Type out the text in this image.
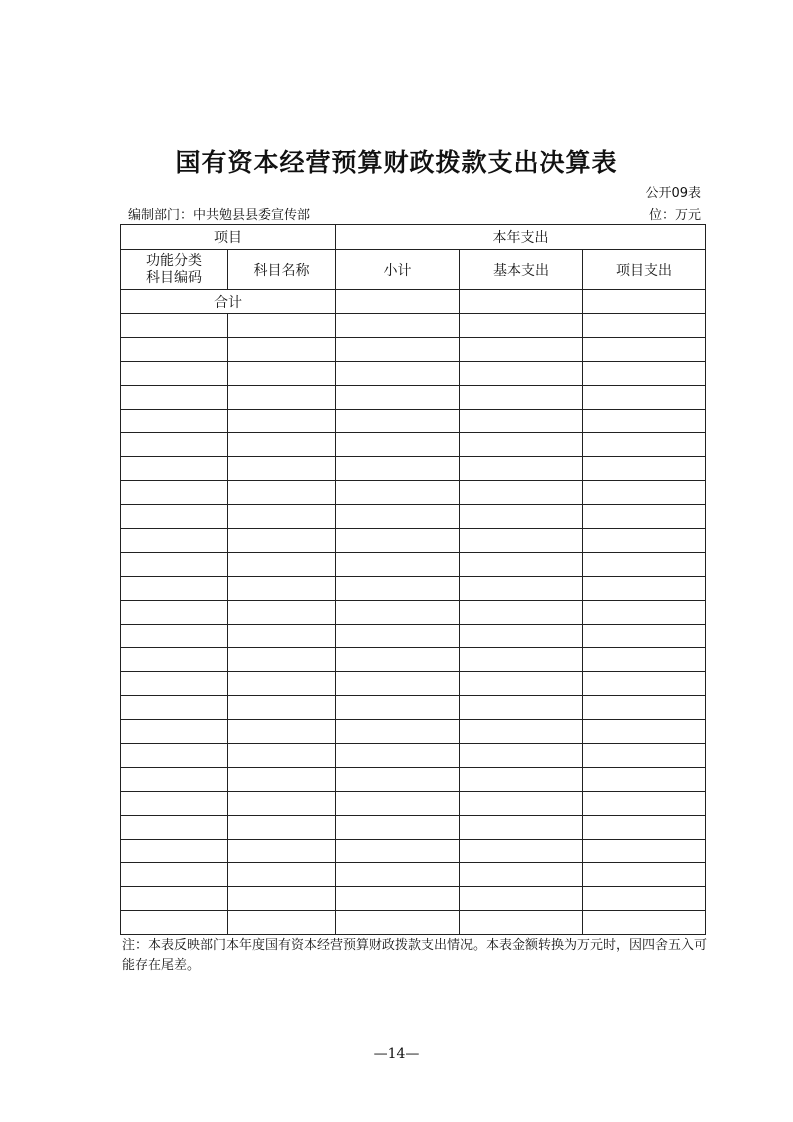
国有资本经营预算财政拨款支出决算表
公开09表
编制部门：中共勉县县委宣传部	位：万元
项目		本年支出		
功能分类
科目编码	科目名称	小计	基本支出	项目支出
合计				

注：本表反映部门本年度国有资本经营预算财政拨款支出情况。本表金额转换为万元时，因四舍五入可能存在尾差。
—14—
